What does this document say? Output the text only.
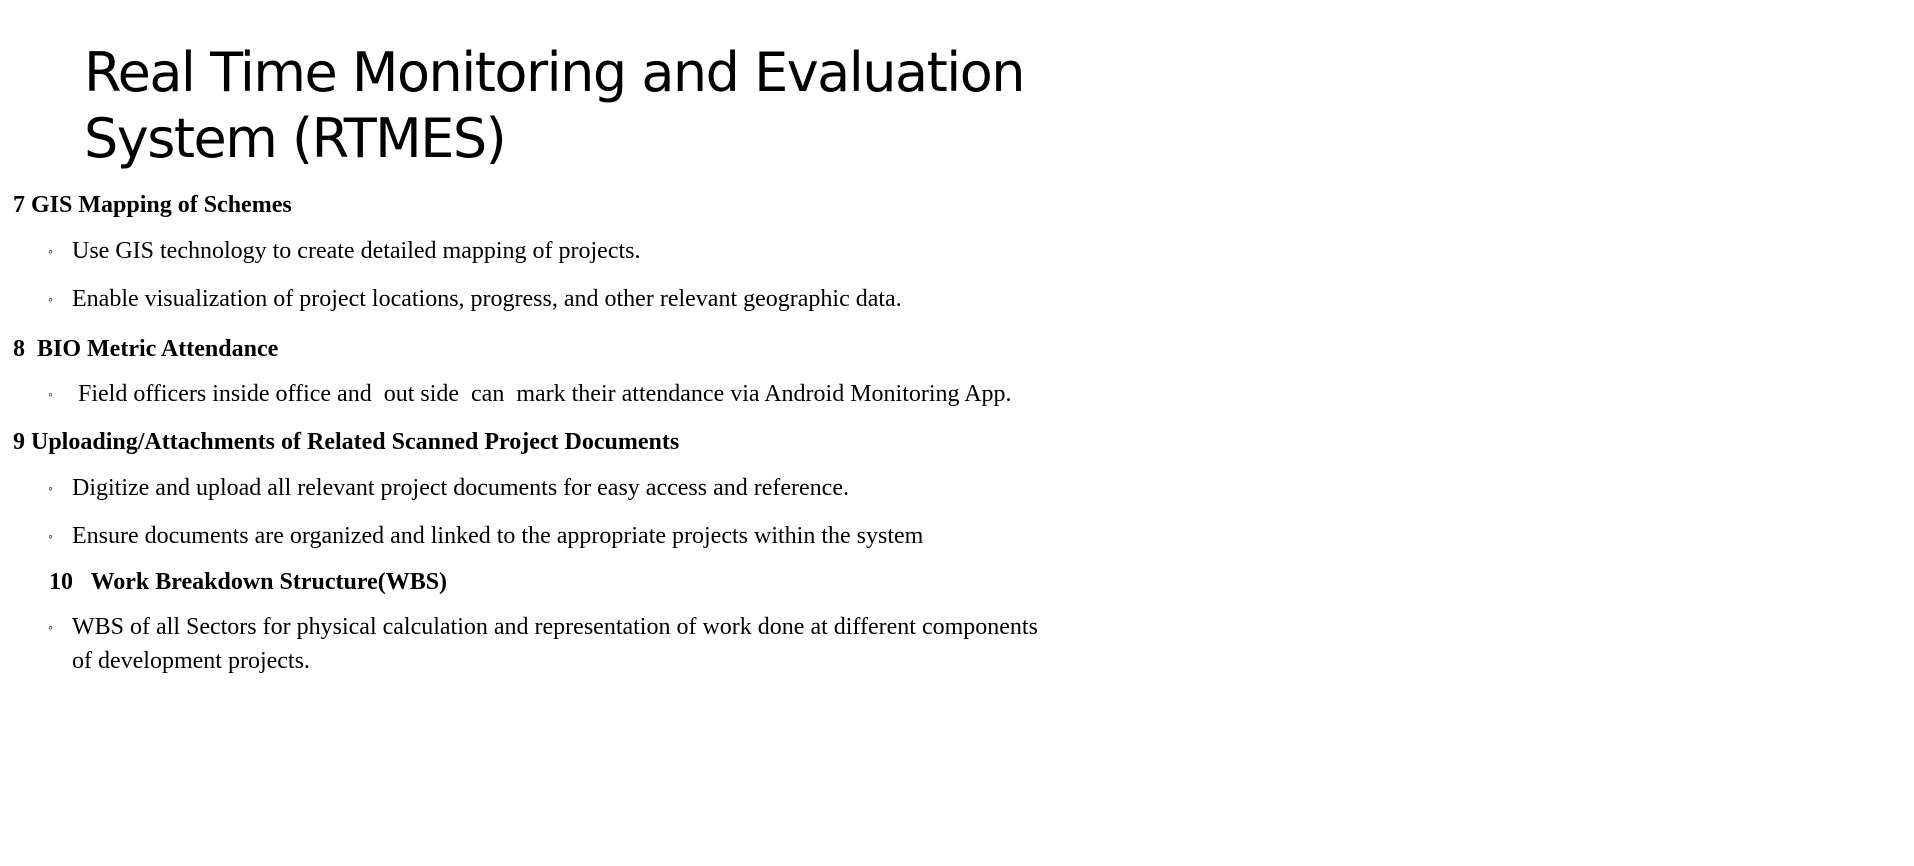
Real Time Monitoring and Evaluation System (RTMES)
7 GIS Mapping of Schemes
◦ Use GIS technology to create detailed mapping of projects.
◦ Enable visualization of project locations, progress, and other relevant geographic data.
8  BIO Metric Attendance
◦ Field officers inside office and  out side  can  mark their attendance via Android Monitoring App.
9 Uploading/Attachments of Related Scanned Project Documents
◦ Digitize and upload all relevant project documents for easy access and reference.
◦ Ensure documents are organized and linked to the appropriate projects within the system
10   Work Breakdown Structure(WBS)
◦ WBS of all Sectors for physical calculation and representation of work done at different components of development projects.
